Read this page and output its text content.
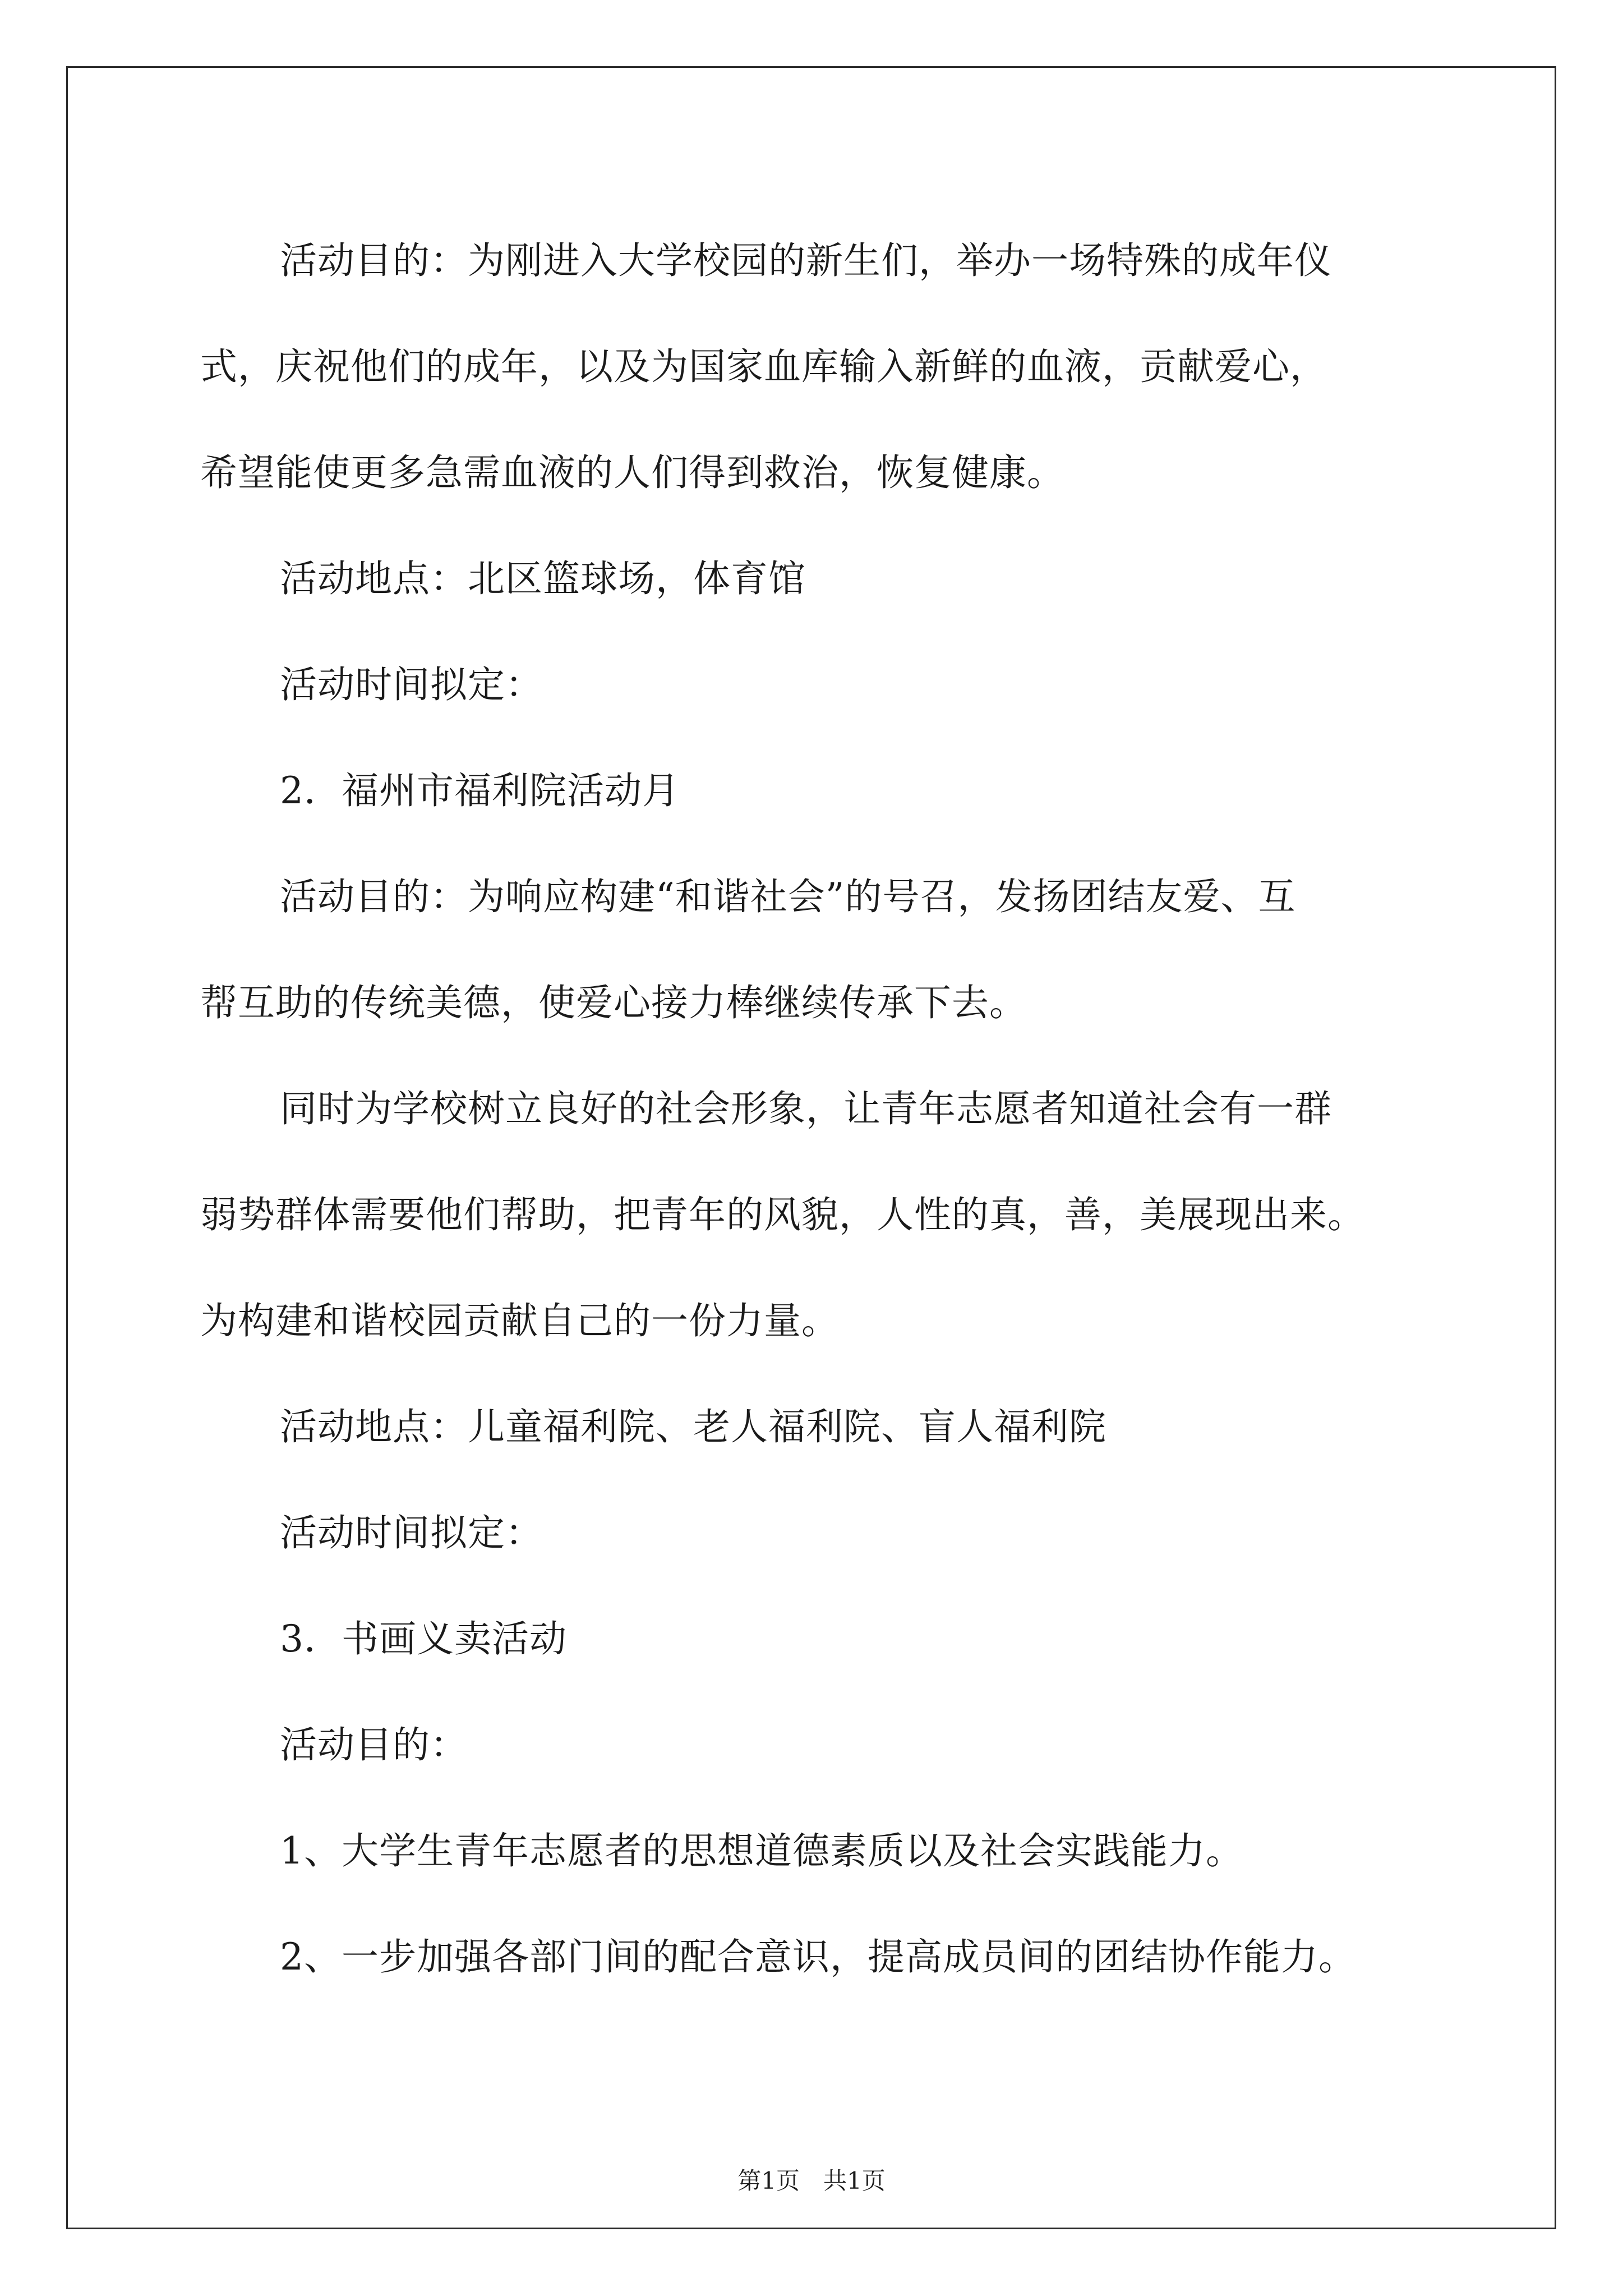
活动目的：为刚进入大学校园的新生们，举办一场特殊的成年仪

式，庆祝他们的成年，以及为国家血库输入新鲜的血液，贡献爱心，

希望能使更多急需血液的人们得到救治，恢复健康。

活动地点：北区篮球场，体育馆

活动时间拟定：

2．福州市福利院活动月

活动目的：为响应构建“和谐社会”的号召，发扬团结友爱、互

帮互助的传统美德，使爱心接力棒继续传承下去。

同时为学校树立良好的社会形象，让青年志愿者知道社会有一群

弱势群体需要他们帮助，把青年的风貌，人性的真，善，美展现出来。

为构建和谐校园贡献自己的一份力量。

活动地点：儿童福利院、老人福利院、盲人福利院

活动时间拟定：

3．书画义卖活动

活动目的：

1、大学生青年志愿者的思想道德素质以及社会实践能力。

2、一步加强各部门间的配合意识，提高成员间的团结协作能力。

第1页　共1页
